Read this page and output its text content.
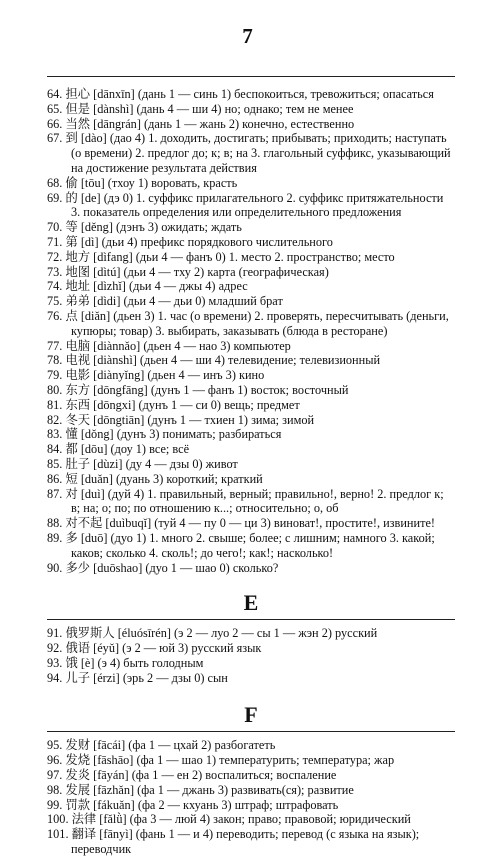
7
64. 担心 [dānxīn] (дань 1 — синь 1) беспокоиться, тревожиться; опасаться
65. 但是 [dànshì] (дань 4 — ши 4) но; однако; тем не менее
66. 当然 [dāngrán] (дань 1 — жань 2) конечно, естественно
67. 到 [dào] (дао 4) 1. доходить, достигать; прибывать; приходить; наступать (о времени) 2. предлог до; к; в; на 3. глагольный суффикс, указывающий на достижение результата действия
68. 偷 [tōu] (тхоу 1) воровать, красть
69. 的 [de] (дэ 0) 1. суффикс прилагательного 2. суффикс притяжательности 3. показатель определения или определительного предложения
70. 等 [děng] (дэнъ 3) ожидать; ждать
71. 第 [dì] (дьи 4) префикс порядкового числительного
72. 地方 [dìfang] (дьи 4 — фанъ 0) 1. место 2. пространство; место
73. 地图 [dìtú] (дьи 4 — тху 2) карта (географическая)
74. 地址 [dìzhǐ] (дьи 4 — джы 4) адрес
75. 弟弟 [dìdi] (дьи 4 — дьи 0) младший брат
76. 点 [diǎn] (дьен 3) 1. час (о времени) 2. проверять, пересчитывать (деньги, купюры; товар) 3. выбирать, заказывать (блюда в ресторане)
77. 电脑 [diànnǎo] (дьен 4 — нао 3) компьютер
78. 电视 [diànshì] (дьен 4 — ши 4) телевидение; телевизионный
79. 电影 [diànyǐng] (дьен 4 — инъ 3) кино
80. 东方 [dōngfāng] (дунъ 1 — фанъ 1) восток; восточный
81. 东西 [dōngxi] (дунъ 1 — си 0) вещь; предмет
82. 冬天 [dōngtiān] (дунъ 1 — тхиен 1) зима; зимой
83. 懂 [dǒng] (дунъ 3) понимать; разбираться
84. 都 [dōu] (доу 1) все; всё
85. 肚子 [dùzi] (ду 4 — дзы 0) живот
86. 短 [duǎn] (дуань 3) короткий; краткий
87. 对 [duì] (дуй 4) 1. правильный, верный; правильно!, верно! 2. предлог к; в; на; о; по; по отношению к...; относительно; о, об
88. 对不起 [duìbuqǐ] (туй 4 — пу 0 — ци 3) виноват!, простите!, извините!
89. 多 [duō] (дуо 1) 1. много 2. свыше; более; с лишним; намного 3. какой; каков; сколько 4. сколь!; до чего!; как!; насколько!
90. 多少 [duōshao] (дуо 1 — шао 0) сколько?
E
91. 俄罗斯人 [éluósīrén] (э 2 — луо 2 — сы 1 — жэн 2) русский
92. 俄语 [éyǔ] (э 2 — юй 3) русский язык
93. 饿 [è] (э 4) быть голодным
94. 儿子 [érzi] (эрь 2 — дзы 0) сын
F
95. 发财 [fācái] (фа 1 — цхай 2) разбогатеть
96. 发烧 [fāshāo] (фа 1 — шао 1) температурить; температура; жар
97. 发炎 [fāyán] (фа 1 — ен 2) воспалиться; воспаление
98. 发展 [fāzhǎn] (фа 1 — джань 3) развивать(ся); развитие
99. 罚款 [fákuǎn] (фа 2 — кхуань 3) штраф; штрафовать
100. 法律 [fǎlǜ] (фа 3 — люй 4) закон; право; правовой; юридический
101. 翻译 [fānyì] (фань 1 — и 4) переводить; перевод (с языка на язык); переводчик
